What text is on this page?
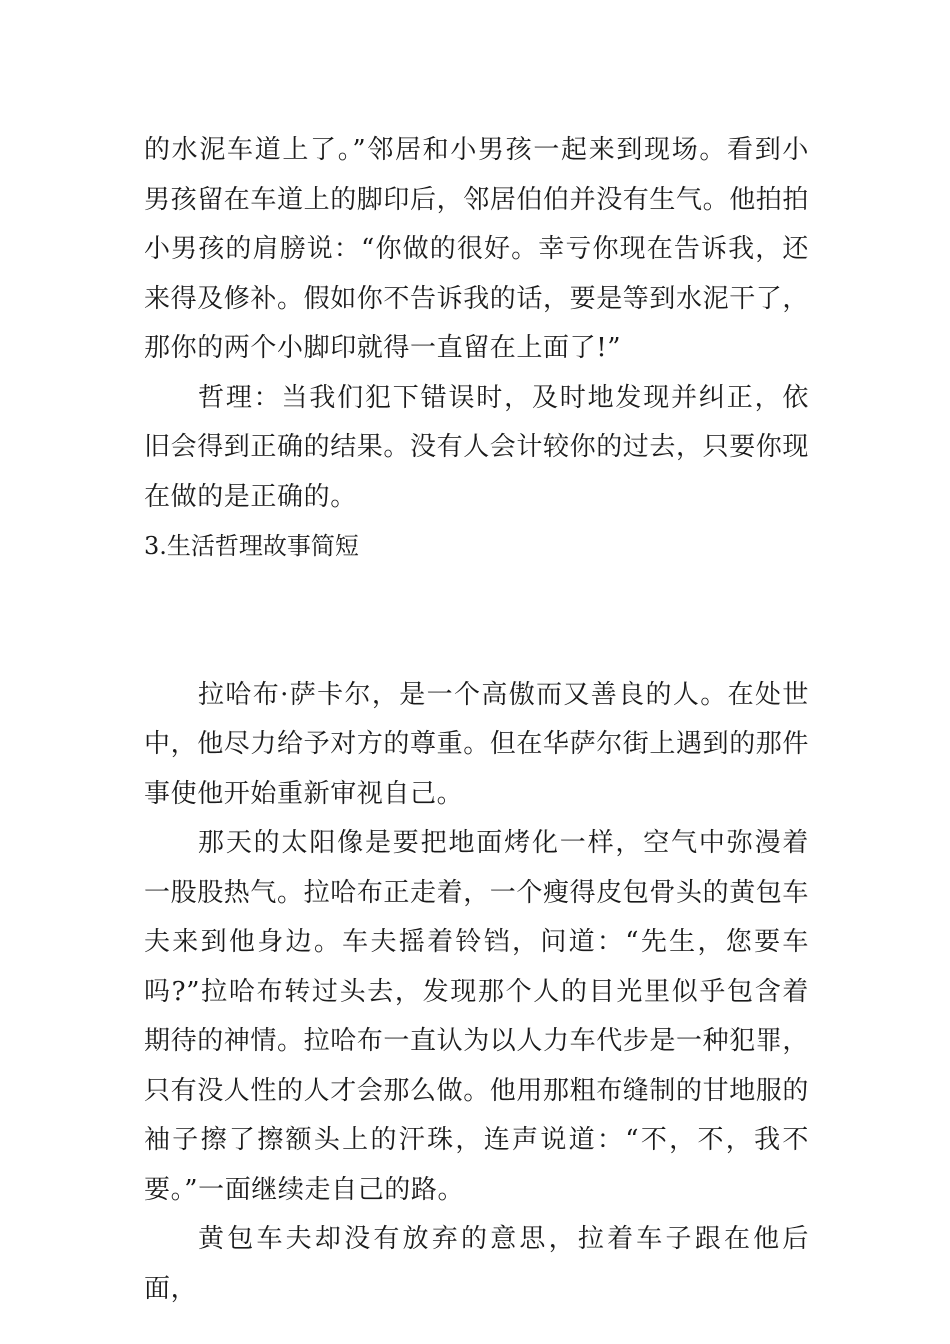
的水泥车道上了。”邻居和小男孩一起来到现场。看到小男孩留在车道上的脚印后，邻居伯伯并没有生气。他拍拍小男孩的肩膀说：“你做的很好。幸亏你现在告诉我，还来得及修补。假如你不告诉我的话，要是等到水泥干了，那你的两个小脚印就得一直留在上面了!”

哲理：当我们犯下错误时，及时地发现并纠正，依旧会得到正确的结果。没有人会计较你的过去，只要你现在做的是正确的。

3.生活哲理故事简短

拉哈布·萨卡尔，是一个高傲而又善良的人。在处世中，他尽力给予对方的尊重。但在华萨尔街上遇到的那件事使他开始重新审视自己。

那天的太阳像是要把地面烤化一样，空气中弥漫着一股股热气。拉哈布正走着，一个瘦得皮包骨头的黄包车夫来到他身边。车夫摇着铃铛，问道：“先生，您要车吗?”拉哈布转过头去，发现那个人的目光里似乎包含着期待的神情。拉哈布一直认为以人力车代步是一种犯罪，只有没人性的人才会那么做。他用那粗布缝制的甘地服的袖子擦了擦额头上的汗珠，连声说道：“不，不，我不要。”一面继续走自己的路。

黄包车夫却没有放弃的意思，拉着车子跟在他后面，
